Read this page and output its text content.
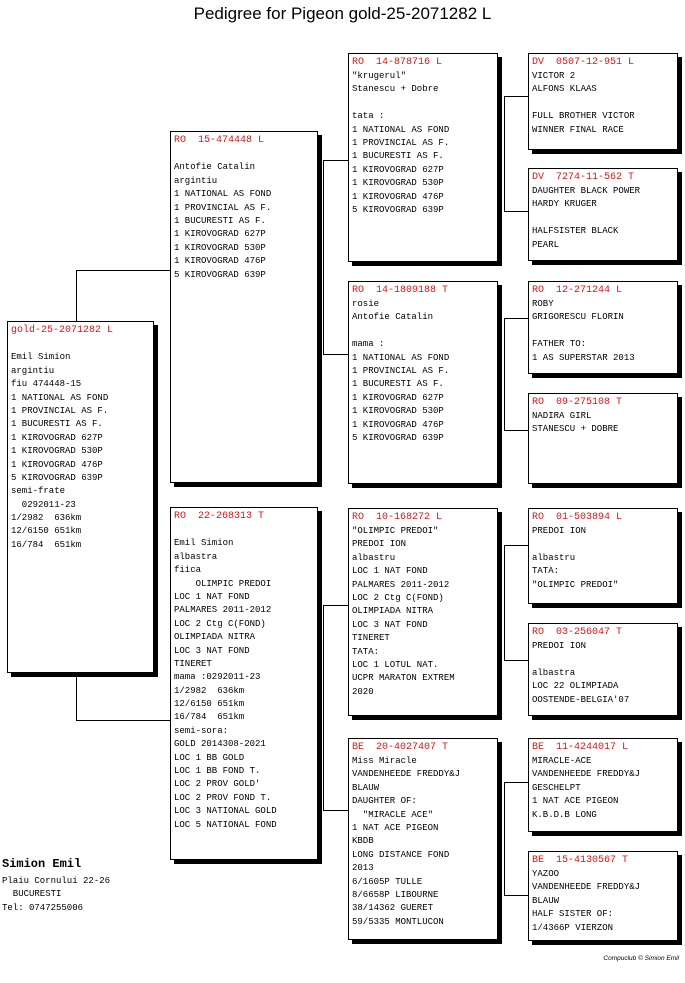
Pedigree for Pigeon gold-25-2071282 L
gold-25-2071282 L
Emil Simion
argintiu
fiu 474448-15
1 NATIONAL AS FOND
1 PROVINCIAL AS F.
1 BUCURESTI AS F.
1 KIROVOGRAD 627P
1 KIROVOGRAD 530P
1 KIROVOGRAD 476P
5 KIROVOGRAD 639P
semi-frate
0292011-23
1/2982  636km
12/6150 651km
16/784  651km
RO  15-474448 L
Antofie Catalin
argintiu
1 NATIONAL AS FOND
1 PROVINCIAL AS F.
1 BUCURESTI AS F.
1 KIROVOGRAD 627P
1 KIROVOGRAD 530P
1 KIROVOGRAD 476P
5 KIROVOGRAD 639P
RO  22-268313 T
Emil Simion
albastra
fiica
OLIMPIC PREDOI
LOC 1 NAT FOND
PALMARES 2011-2012
LOC 2 Ctg C(FOND)
OLIMPIADA NITRA
LOC 3 NAT FOND
TINERET
mama :0292011-23
1/2982  636km
12/6150 651km
16/784  651km
semi-sora:
GOLD 2014308-2021
LOC 1 BB GOLD
LOC 1 BB FOND T.
LOC 2 PROV GOLD'
LOC 2 PROV FOND T.
LOC 3 NATIONAL GOLD
LOC 5 NATIONAL FOND
RO  14-878716 L
"krugerul"
Stanescu + Dobre
tata :
1 NATIONAL AS FOND
1 PROVINCIAL AS F.
1 BUCURESTI AS F.
1 KIROVOGRAD 627P
1 KIROVOGRAD 530P
1 KIROVOGRAD 476P
5 KIROVOGRAD 639P
RO  14-1809188 T
rosie
Antofie Catalin
mama :
1 NATIONAL AS FOND
1 PROVINCIAL AS F.
1 BUCURESTI AS F.
1 KIROVOGRAD 627P
1 KIROVOGRAD 530P
1 KIROVOGRAD 476P
5 KIROVOGRAD 639P
RO  10-168272 L
"OLIMPIC PREDOI"
PREDOI ION
albastru
LOC 1 NAT FOND
PALMARES 2011-2012
LOC 2 Ctg C(FOND)
OLIMPIADA NITRA
LOC 3 NAT FOND
TINERET
TATA:
LOC 1 LOTUL NAT.
UCPR MARATON EXTREM
2020
BE  20-4027407 T
Miss Miracle
VANDENHEEDE FREDDY&J
BLAUW
DAUGHTER OF:
"MIRACLE ACE"
1 NAT ACE PIGEON
KBDB
LONG DISTANCE FOND
2013
6/1605P TULLE
8/6658P LIBOURNE
38/14362 GUERET
59/5335 MONTLUCON
DV  0507-12-951 L
VICTOR 2
ALFONS KLAAS
FULL BROTHER VICTOR
WINNER FINAL RACE
DV  7274-11-562 T
DAUGHTER BLACK POWER
HARDY KRUGER
HALFSISTER BLACK
PEARL
RO  12-271244 L
ROBY
GRIGORESCU FLORIN
FATHER TO:
1 AS SUPERSTAR 2013
RO  09-275108 T
NADIRA GIRL
STANESCU + DOBRE
RO  01-503894 L
PREDOI ION
albastru
TATA:
"OLIMPIC PREDOI"
RO  03-256047 T
PREDOI ION
albastra
LOC 22 OLIMPIADA
OOSTENDE-BELGIA'07
BE  11-4244017 L
MIRACLE-ACE
VANDENHEEDE FREDDY&J
GESCHELPT
1 NAT ACE PIGEON
K.B.D.B LONG
BE  15-4130567 T
YAZOO
VANDENHEEDE FREDDY&J
BLAUW
HALF SISTER OF:
1/4366P VIERZON
Simion Emil
Plaiu Cornului 22-26
BUCURESTI
Tel: 0747255006
Compuclub © Simion Emil
